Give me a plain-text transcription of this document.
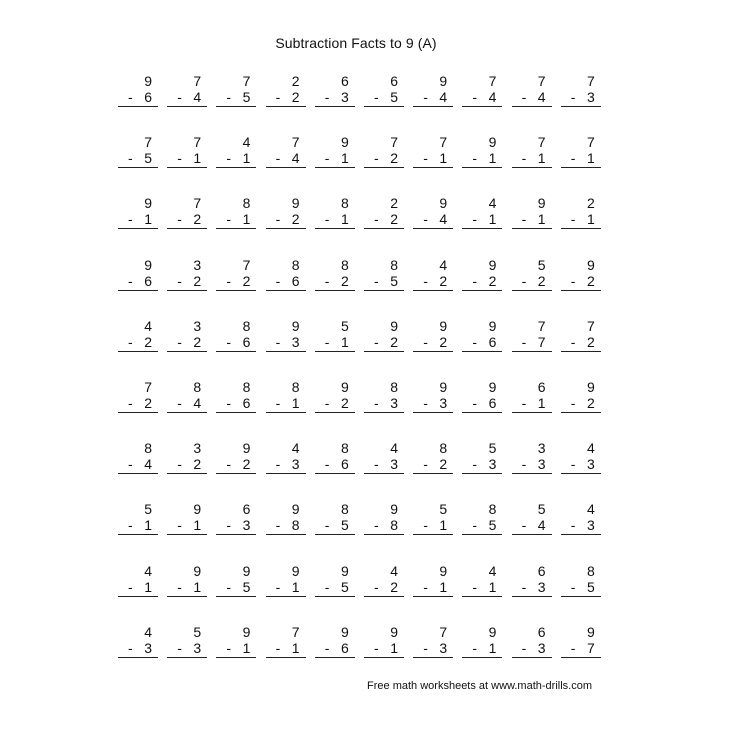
Subtraction Facts to 9 (A)
9
- 6
7
- 4
7
- 5
2
- 2
6
- 3
6
- 5
9
- 4
7
- 4
7
- 4
7
- 3
7
- 5
7
- 1
4
- 1
7
- 4
9
- 1
7
- 2
7
- 1
9
- 1
7
- 1
7
- 1
9
- 1
7
- 2
8
- 1
9
- 2
8
- 1
2
- 2
9
- 4
4
- 1
9
- 1
2
- 1
9
- 6
3
- 2
7
- 2
8
- 6
8
- 2
8
- 5
4
- 2
9
- 2
5
- 2
9
- 2
4
- 2
3
- 2
8
- 6
9
- 3
5
- 1
9
- 2
9
- 2
9
- 6
7
- 7
7
- 2
7
- 2
8
- 4
8
- 6
8
- 1
9
- 2
8
- 3
9
- 3
9
- 6
6
- 1
9
- 2
8
- 4
3
- 2
9
- 2
4
- 3
8
- 6
4
- 3
8
- 2
5
- 3
3
- 3
4
- 3
5
- 1
9
- 1
6
- 3
9
- 8
8
- 5
9
- 8
5
- 1
8
- 5
5
- 4
4
- 3
4
- 1
9
- 1
9
- 5
9
- 1
9
- 5
4
- 2
9
- 1
4
- 1
6
- 3
8
- 5
4
- 3
5
- 3
9
- 1
7
- 1
9
- 6
9
- 1
7
- 3
9
- 1
6
- 3
9
- 7
Free math worksheets at www.math-drills.com
